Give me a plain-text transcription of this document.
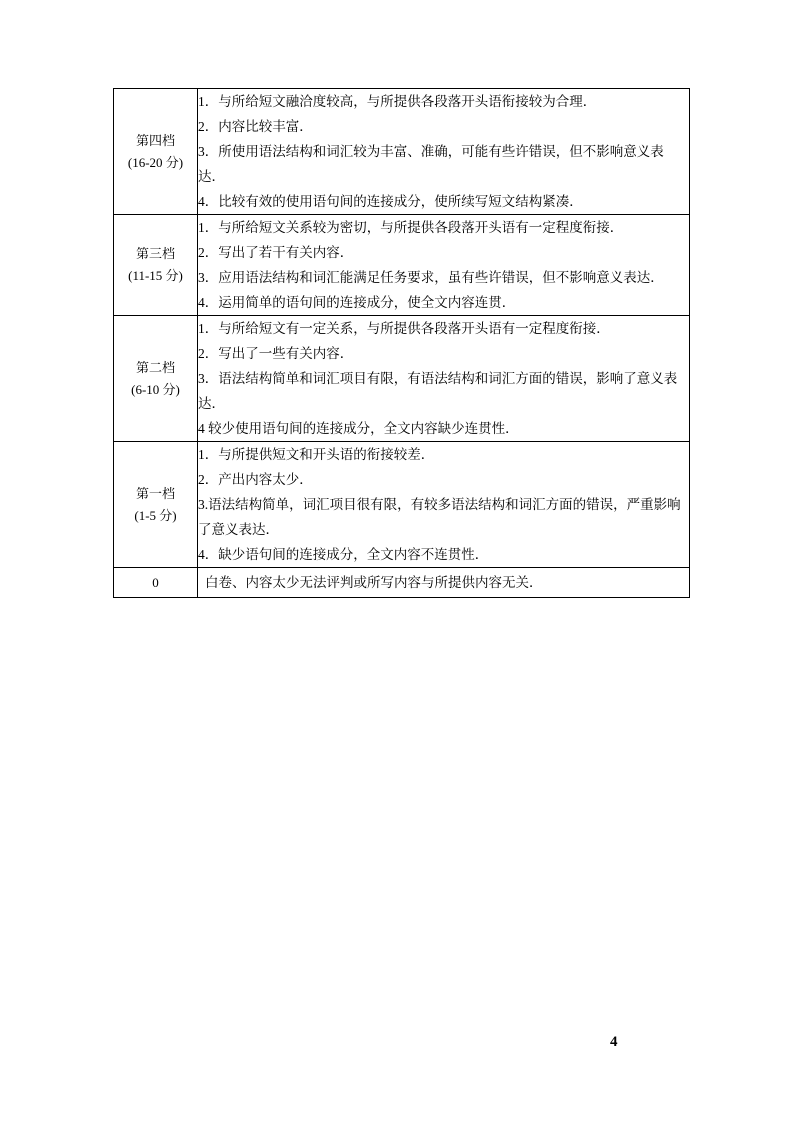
第四档
(16-20 分)

1．与所给短文融洽度较高，与所提供各段落开头语衔接较为合理．
2．内容比较丰富．
3．所使用语法结构和词汇较为丰富、准确，可能有些许错误，但不影响意义表达．
4．比较有效的使用语句间的连接成分，使所续写短文结构紧凑．

第三档
(11-15 分)

1．与所给短文关系较为密切，与所提供各段落开头语有一定程度衔接．
2．写出了若干有关内容．
3．应用语法结构和词汇能满足任务要求，虽有些许错误，但不影响意义表达．
4．运用简单的语句间的连接成分，使全文内容连贯．

第二档
(6-10 分)

1．与所给短文有一定关系，与所提供各段落开头语有一定程度衔接．
2．写出了一些有关内容．
3．语法结构简单和词汇项目有限，有语法结构和词汇方面的错误，影响了意义表达．
4 较少使用语句间的连接成分，全文内容缺少连贯性．

第一档
(1-5 分)

1．与所提供短文和开头语的衔接较差．
2．产出内容太少．
3.语法结构简单，词汇项目很有限，有较多语法结构和词汇方面的错误，严重影响了意义表达．
4．缺少语句间的连接成分，全文内容不连贯性．

0	白卷、内容太少无法评判或所写内容与所提供内容无关．
4
